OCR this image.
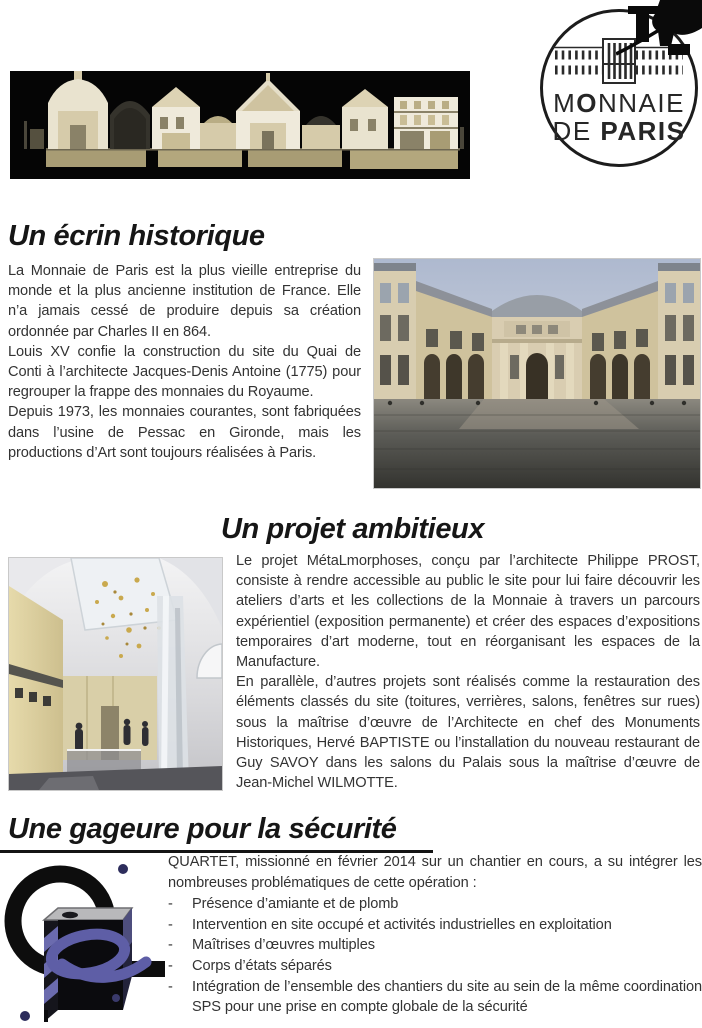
MONNAIE
DE PARIS
Un écrin historique

La Monnaie de Paris est la plus vieille entreprise du monde et la plus ancienne institution de France. Elle n’a jamais cessé de produire depuis sa création ordonnée par Charles II en 864.

Louis XV confie la construction du site du Quai de Conti à l’architecte Jacques-Denis Antoine (1775) pour regrouper la frappe des monnaies du Royaume.

Depuis 1973, les monnaies courantes, sont fabriquées dans l’usine de Pessac en Gironde, mais les productions d’Art sont toujours réalisées à Paris.

Un projet ambitieux

Le projet MétaLmorphoses, conçu par l’architecte Philippe PROST, consiste à rendre accessible au public le site pour lui faire découvrir les ateliers d’arts et les collections de la Monnaie à travers un parcours expérientiel (exposition permanente) et créer des espaces d’expositions temporaires d’art moderne, tout en réorganisant les espaces de la Manufacture.

En parallèle, d’autres projets sont réalisés comme la restauration des éléments classés du site (toitures, verrières, salons, fenêtres sur rues) sous la maîtrise d’œuvre de l’Architecte en chef des Monuments Historiques, Hervé BAPTISTE ou l’installation du nouveau restaurant de Guy SAVOY dans les salons du Palais sous la maîtrise d’œuvre de Jean-Michel WILMOTTE.

Une gageure pour la sécurité

QUARTET, missionné en février 2014 sur un chantier en cours, a su intégrer les nombreuses problématiques de cette opération :

-	Présence d’amiante et de plomb
-	Intervention en site occupé et activités industrielles en exploitation
-	Maîtrises d’œuvres multiples
-	Corps d’états séparés
-	Intégration de l’ensemble des chantiers du site au sein de la même coordination SPS pour une prise en compte globale de la sécurité
